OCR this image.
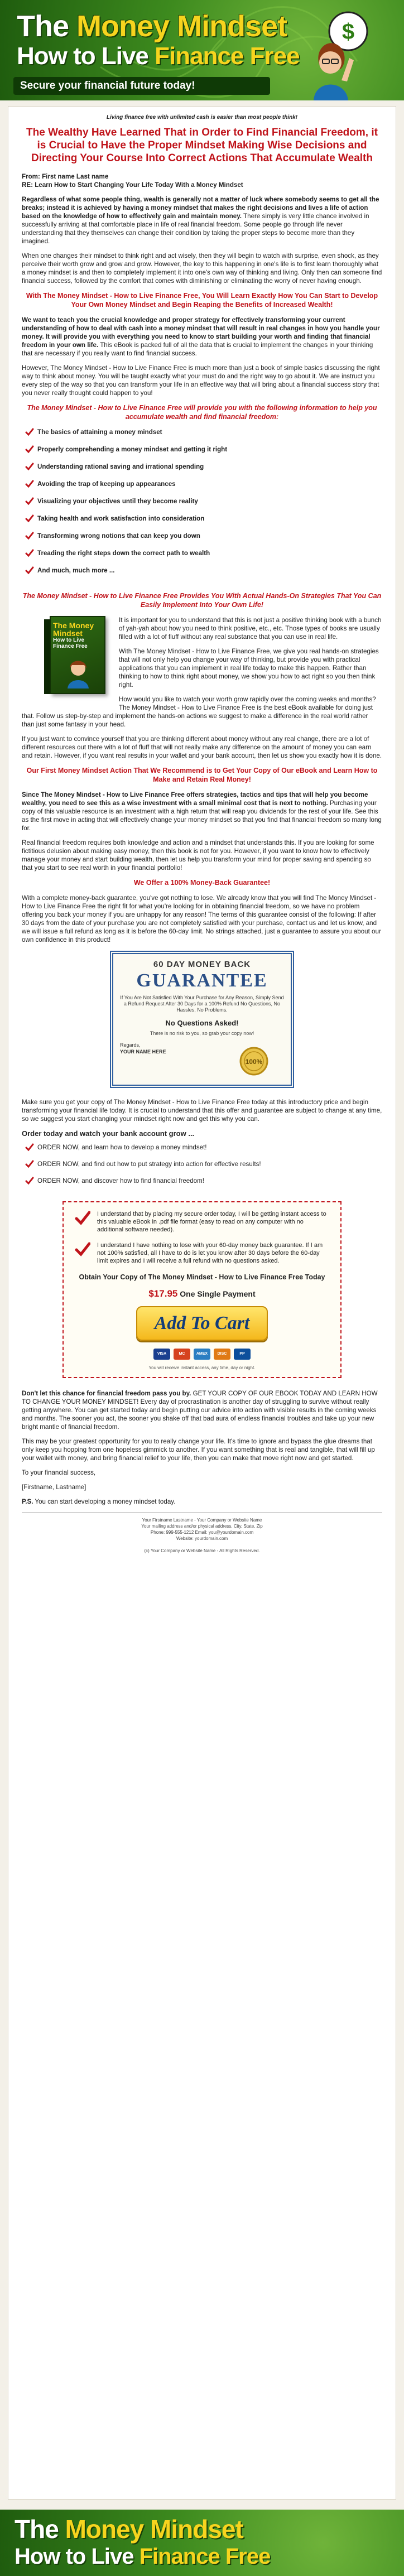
The Money Mindset
How to Live Finance Free
Secure your financial future today!
$
Living finance free with unlimited cash is easier than most people think!
The Wealthy Have Learned That in Order to Find Financial Freedom, it is Crucial to Have the Proper Mindset Making Wise Decisions and Directing Your Course Into Correct Actions That Accumulate Wealth

From: First name Last name
RE: Learn How to Start Changing Your Life Today With a Money Mindset

Regardless of what some people thing, wealth is generally not a matter of luck where somebody seems to get all the breaks; instead it is achieved by having a money mindset that makes the right decisions and lives a life of action based on the knowledge of how to effectively gain and maintain money. There simply is very little chance involved in successfully arriving at that comfortable place in life of real financial freedom. Some people go through life never understanding that they themselves can change their condition by taking the proper steps to become more than they imagined.

When one changes their mindset to think right and act wisely, then they will begin to watch with surprise, even shock, as they perceive their worth grow and grow and grow. However, the key to this happening in one's life is to first learn thoroughly what a money mindset is and then to completely implement it into one's own way of thinking and living. Only then can someone find financial success, followed by the comfort that comes with diminishing or eliminating the worry of never having enough.

With The Money Mindset - How to Live Finance Free, You Will Learn Exactly How You Can Start to Develop Your Own Money Mindset and Begin Reaping the Benefits of Increased Wealth!

We want to teach you the crucial knowledge and proper strategy for effectively transforming your current understanding of how to deal with cash into a money mindset that will result in real changes in how you handle your money. It will provide you with everything you need to know to start building your worth and finding that financial freedom in your own life. This eBook is packed full of all the data that is crucial to implement the changes in your thinking that are necessary if you really want to find financial success.

However, The Money Mindset - How to Live Finance Free is much more than just a book of simple basics discussing the right way to think about money. You will be taught exactly what your must do and the right way to go about it. We are instruct you every step of the way so that you can transform your life in an effective way that will bring about a financial success story that you never really thought could happen to you!

The Money Mindset - How to Live Finance Free will provide you with the following information to help you accumulate wealth and find financial freedom:
The basics of attaining a money mindset
Properly comprehending a money mindset and getting it right
Understanding rational saving and irrational spending
Avoiding the trap of keeping up appearances
Visualizing your objectives until they become reality
Taking health and work satisfaction into consideration
Transforming wrong notions that can keep you down
Treading the right steps down the correct path to wealth
And much, much more ...
The Money Mindset - How to Live Finance Free Provides You With Actual Hands-On Strategies That You Can Easily Implement Into Your Own Life!
The Money Mindset
How to Live Finance Free

It is important for you to understand that this is not just a positive thinking book with a bunch of yah-yah about how you need to think positive, etc., etc. Those types of books are usually filled with a lot of fluff without any real substance that you can use in real life.

With The Money Mindset - How to Live Finance Free, we give you real hands-on strategies that will not only help you change your way of thinking, but provide you with practical applications that you can implement in real life today to make this happen. Rather than thinking to how to think right about money, we show you how to act right so you then think right.

How would you like to watch your worth grow rapidly over the coming weeks and months? The Money Mindset - How to Live Finance Free is the best eBook available for doing just that. Follow us step-by-step and implement the hands-on actions we suggest to make a difference in the real world rather than just some fantasy in your head.

If you just want to convince yourself that you are thinking different about money without any real change, there are a lot of different resources out there with a lot of fluff that will not really make any difference on the amount of money you can earn and retain. However, if you want real results in your wallet and your bank account, then let us show you exactly how it is done.

Our First Money Mindset Action That We Recommend is to Get Your Copy of Our eBook and Learn How to Make and Retain Real Money!

Since The Money Mindset - How to Live Finance Free offers strategies, tactics and tips that will help you become wealthy, you need to see this as a wise investment with a small minimal cost that is next to nothing. Purchasing your copy of this valuable resource is an investment with a high return that will reap you dividends for the rest of your life. See this as the first move in acting that will effectively change your money mindset so that you find that financial freedom so many long for.

Real financial freedom requires both knowledge and action and a mindset that understands this. If you are looking for some fictitious delusion about making easy money, then this book is not for you. However, if you want to know how to effectively manage your money and start building wealth, then let us help you transform your mind for proper saving and spending so that you start to see real worth in your financial portfolio!

We Offer a 100% Money-Back Guarantee!

With a complete money-back guarantee, you've got nothing to lose. We already know that you will find The Money Mindset - How to Live Finance Free the right fit for what you're looking for in obtaining financial freedom, so we have no problem offering you back your money if you are unhappy for any reason! The terms of this guarantee consist of the following: If after 30 days from the date of your purchase you are not completely satisfied with your purchase, contact us and let us know, and we will issue a full refund as long as it is before the 60-day limit. No strings attached, just a guarantee to assure you about our own confidence in this product!

60 DAY MONEY BACK
GUARANTEE
If You Are Not Satisfied With Your Purchase for Any Reason, Simply Send a Refund Request After 30 Days for a 100% Refund No Questions, No Hassles, No Problems.
No Questions Asked!
There is no risk to you, so grab your copy now!
Regards,
YOUR NAME HERE
100%

Make sure you get your copy of The Money Mindset - How to Live Finance Free today at this introductory price and begin transforming your financial life today. It is crucial to understand that this offer and guarantee are subject to change at any time, so we suggest you start changing your mindset right now and get this why you can.

Order today and watch your bank account grow ...
ORDER NOW, and learn how to develop a money mindset!
ORDER NOW, and find out how to put strategy into action for effective results!
ORDER NOW, and discover how to find financial freedom!
I understand that by placing my secure order today, I will be getting instant access to this valuable eBook in .pdf file format (easy to read on any computer with no additional software needed).
I understand I have nothing to lose with your 60-day money back guarantee. If I am not 100% satisfied, all I have to do is let you know after 30 days before the 60-day limit expires and I will receive a full refund with no questions asked.
Obtain Your Copy of The Money Mindset - How to Live Finance Free Today
$17.95 One Single Payment
Add To Cart
VISA	MC	AMEX	DISC	PP
You will receive instant access, any time, day or night.

Don't let this chance for financial freedom pass you by. GET YOUR COPY OF OUR EBOOK TODAY AND LEARN HOW TO CHANGE YOUR MONEY MINDSET! Every day of procrastination is another day of struggling to survive without really getting anywhere. You can get started today and begin putting our advice into action with visible results in the coming weeks and months. The sooner you act, the sooner you shake off that bad aura of endless financial troubles and take up your new bright mantle of financial freedom.

This may be your greatest opportunity for you to really change your life. It's time to ignore and bypass the glue dreams that only keep you hopping from one hopeless gimmick to another. If you want something that is real and tangible, that will fill up your wallet with money, and bring financial relief to your life, then you can make that move right now and get started.

To your financial success,

[Firstname, Lastname]

P.S. You can start developing a money mindset today.

Your Firstname Lastname - Your Company or Website Name
Your mailing address and/or physical address, City, State, Zip
Phone: 999-555-1212 Email: you@yourdomain.com
Website: yourdomain.com
(c) Your Company or Website Name - All Rights Reserved.
The Money Mindset
How to Live Finance Free
